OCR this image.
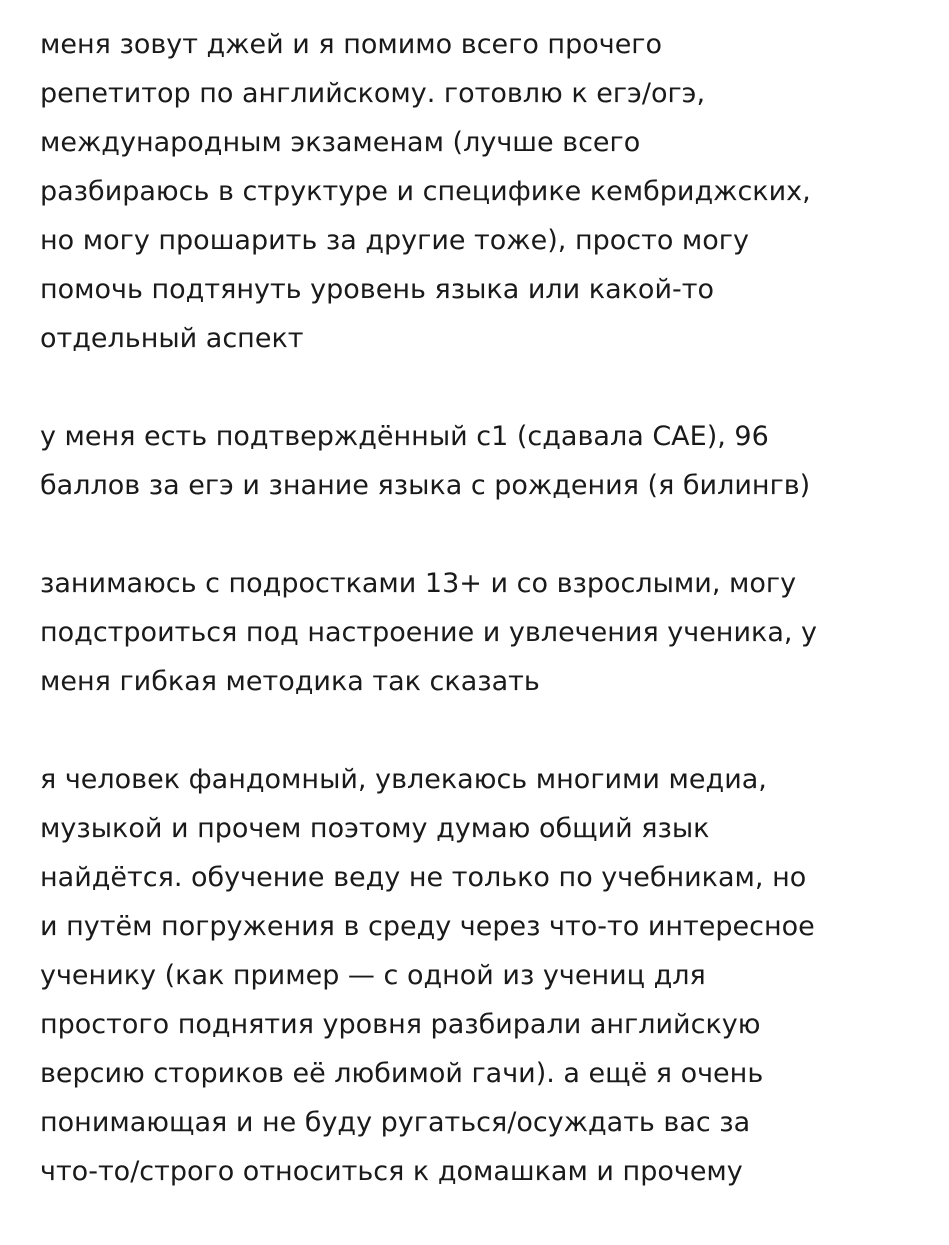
меня зовут джей и я помимо всего прочего
репетитор по английскому. готовлю к егэ/огэ,
международным экзаменам (лучше всего
разбираюсь в структуре и специфике кембриджских,
но могу прошарить за другие тоже), просто могу
помочь подтянуть уровень языка или какой-то
отдельный аспект

у меня есть подтверждённый с1 (сдавала CAE), 96
баллов за егэ и знание языка с рождения (я билингв)

занимаюсь с подростками 13+ и со взрослыми, могу
подстроиться под настроение и увлечения ученика, у
меня гибкая методика так сказать

я человек фандомный, увлекаюсь многими медиа,
музыкой и прочем поэтому думаю общий язык
найдётся. обучение веду не только по учебникам, но
и путём погружения в среду через что-то интересное
ученику (как пример — с одной из учениц для
простого поднятия уровня разбирали английскую
версию сториков её любимой гачи). а ещё я очень
понимающая и не буду ругаться/осуждать вас за
что-то/строго относиться к домашкам и прочему
